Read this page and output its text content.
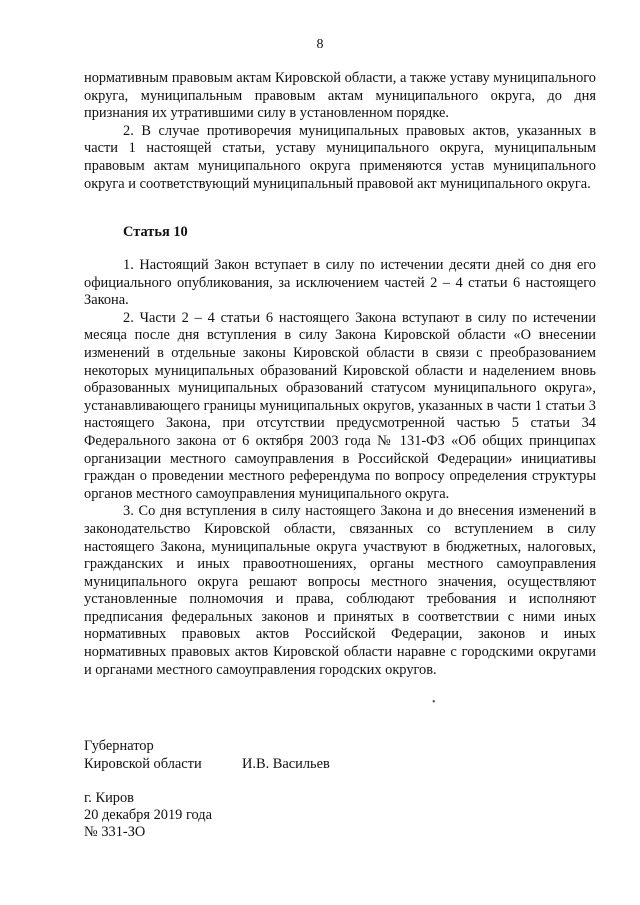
8

нормативным правовым актам Кировской области, а также уставу муниципального округа, муниципальным правовым актам муниципального округа, до дня признания их утратившими силу в установленном порядке.

2. В случае противоречия муниципальных правовых актов, указанных в части 1 настоящей статьи, уставу муниципального округа, муниципальным правовым актам муниципального округа применяются устав муниципального округа и соответствующий муниципальный правовой акт муниципального округа.

Статья 10

1. Настоящий Закон вступает в силу по истечении десяти дней со дня его официального опубликования, за исключением частей 2 – 4 статьи 6 настоящего Закона.

2. Части 2 – 4 статьи 6 настоящего Закона вступают в силу по истечении месяца после дня вступления в силу Закона Кировской области «О внесении изменений в отдельные законы Кировской области в связи с преобразованием некоторых муниципальных образований Кировской области и наделением вновь образованных муниципальных образований статусом муниципального округа», устанавливающего границы муниципальных округов, указанных в части 1 статьи 3 настоящего Закона, при отсутствии предусмотренной частью 5 статьи 34 Федерального закона от 6 октября 2003 года № 131-ФЗ «Об общих принципах организации местного самоуправления в Российской Федерации» инициативы граждан о проведении местного референдума по вопросу определения структуры органов местного самоуправления муниципального округа.

3. Со дня вступления в силу настоящего Закона и до внесения изменений в законодательство Кировской области, связанных со вступлением в силу настоящего Закона, муниципальные округа участвуют в бюджетных, налоговых, гражданских и иных правоотношениях, органы местного самоуправления муниципального округа решают вопросы местного значения, осуществляют установленные полномочия и права, соблюдают требования и исполняют предписания федеральных законов и принятых в соответствии с ними иных нормативных правовых актов Российской Федерации, законов и иных нормативных правовых актов Кировской области наравне с городскими округами и органами местного самоуправления городских округов.

Губернатор
Кировской области	И.В. Васильев
г. Киров
20 декабря 2019 года
№ 331-ЗО
•
